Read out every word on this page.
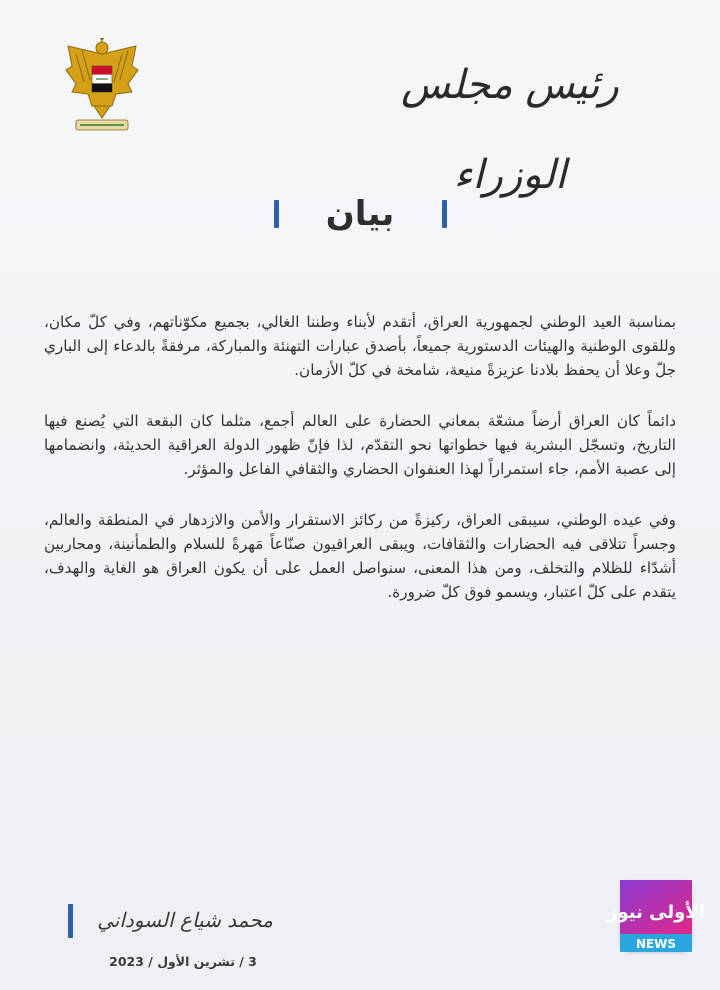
رئيس مجلس الوزراء
بيان

بمناسبة العيد الوطني لجمهورية العراق، أتقدم لأبناء وطننا الغالي، بجميع مكوّناتهم، وفي كلّ مكان، وللقوى الوطنية والهيئات الدستورية جميعاً، بأصدق عبارات التهنئة والمباركة، مرفقةً بالدعاء إلى الباري جلّ وعلا أن يحفظ بلادنا عزيزةً منيعة، شامخة في كلّ الأزمان.

دائماً كان العراق أرضاً مشعّة بمعاني الحضارة على العالم أجمع، مثلما كان البقعة التي يُصنع فيها التاريخ، وتسجّل البشرية فيها خطواتها نحو التقدّم، لذا فإنّ ظهور الدولة العراقية الحديثة، وانضمامها إلى عصبة الأمم، جاء استمراراً لهذا العنفوان الحضاري والثقافي الفاعل والمؤثر.

وفي عيده الوطني، سيبقى العراق، ركيزةً من ركائز الاستقرار والأمن والازدهار في المنطقة والعالم، وجسراً تتلاقى فيه الحضارات والثقافات، ويبقى العراقيون صنّاعاً مَهرةً للسلام والطمأنينة، ومحاربين أشدّاء للظلام والتخلف، ومن هذا المعنى، سنواصل العمل على أن يكون العراق هو الغاية والهدف، يتقدم على كلّ اعتبار، ويسمو فوق كلّ ضرورة.

محمد شياع السوداني
3 / تشرين الأول / 2023
الأولى نيوز
NEWS
